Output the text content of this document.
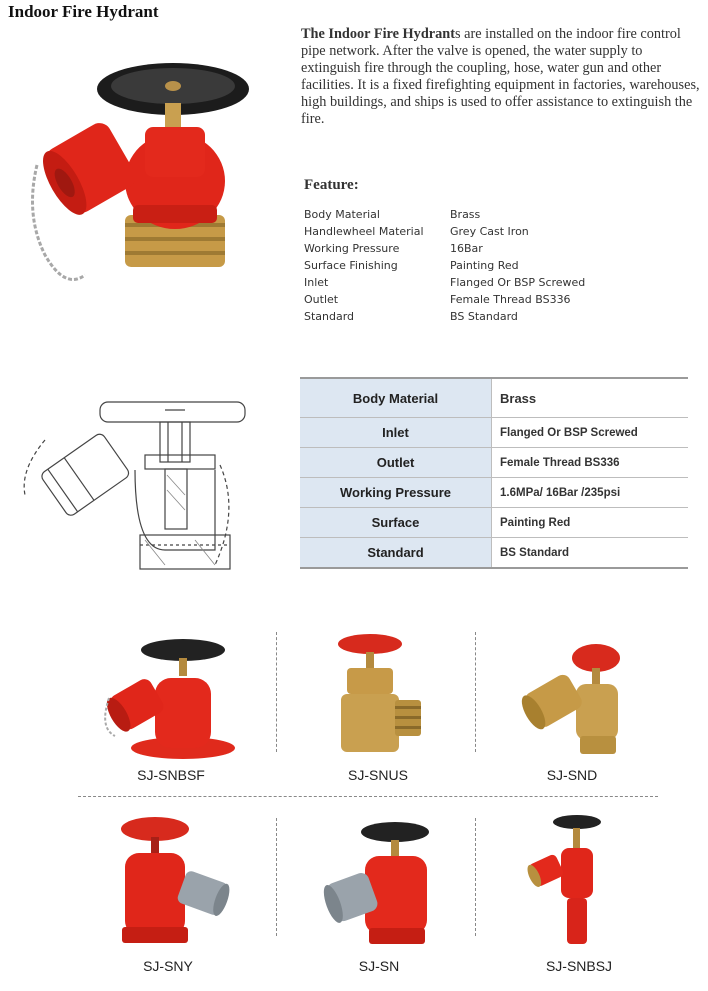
Indoor Fire Hydrant
The Indoor Fire Hydrants are installed on the indoor fire control pipe network. After the valve is opened, the water supply to extinguish fire through the coupling, hose, water gun and other facilities. It is a fixed firefighting equipment in factories, warehouses, high buildings, and ships is used to offer assistance to extinguish the fire.
Feature:
Body Material	Brass
Handlewheel Material	Grey Cast Iron
Working Pressure	16Bar
Surface Finishing	Painting Red
Inlet	Flanged Or BSP Screwed
Outlet	Female Thread BS336
Standard	BS Standard
Body Material	Brass
Inlet	Flanged Or BSP Screwed
Outlet	Female Thread BS336
Working Pressure	1.6MPa/ 16Bar /235psi
Surface	Painting Red
Standard	BS Standard
SJ-SNBSF	SJ-SNUS	SJ-SND
SJ-SNY	SJ-SN	SJ-SNBSJ
